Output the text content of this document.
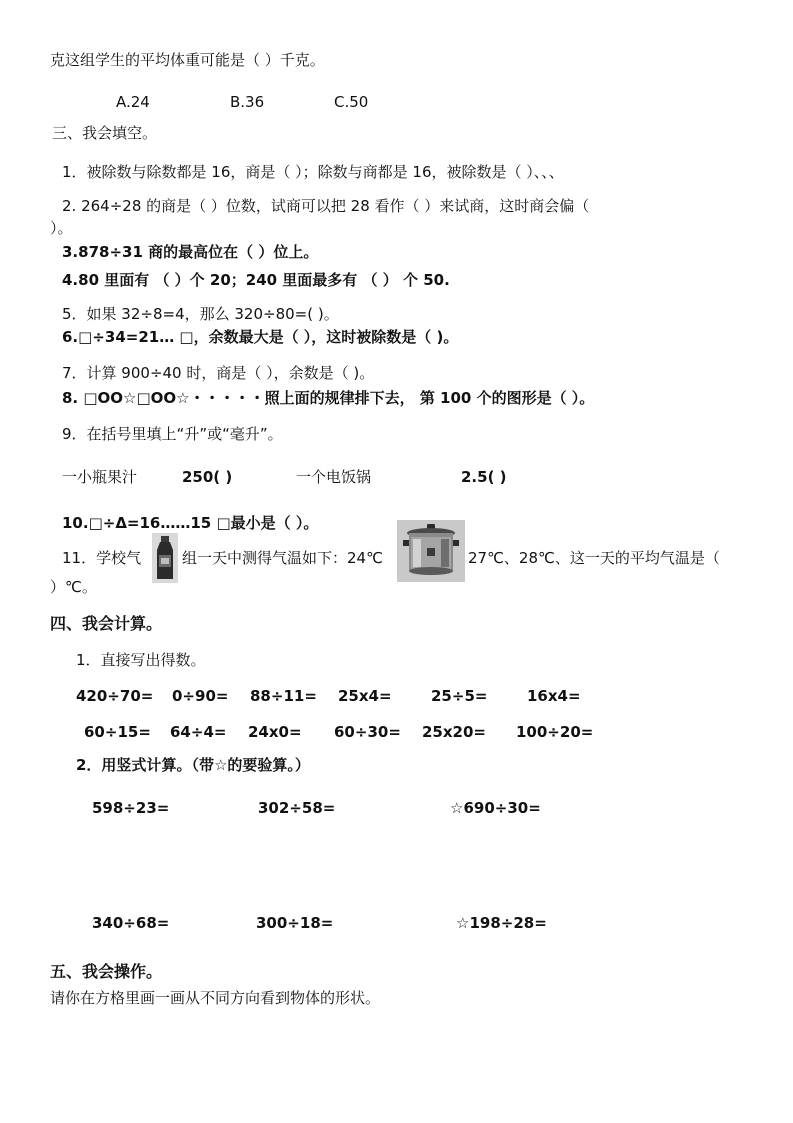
克这组学生的平均体重可能是（ ）千克。
A.24	B.36	C.50
三、我会填空。
1．被除数与除数都是 16，商是（ ）；除数与商都是 16，被除数是（ ）、、、
2. 264÷28 的商是（ ）位数，试商可以把 28 看作（ ）来试商，这时商会偏（
）。
3.878÷31 商的最高位在（ ）位上。
4.80 里面有 （ ）个 20；240 里面最多有 （ ） 个 50.
5．如果 32÷8=4，那么 320÷80=( )。
6.□÷34=21… □，余数最大是（ ），这时被除数是（ )。
7．计算 900÷40 时，商是（ ），余数是（ )。
8. □OO☆□OO☆・・・・・照上面的规律排下去， 第 100 个的图形是（ ）。
9．在括号里填上“升”或“毫升”。
一小瓶果汁	250( )	一个电饭锅	2.5( )
10.□÷Δ=16……15 □最小是（ ）。
11．学校气	组一天中测得气温如下：24℃	27℃、28℃、这一天的平均气温是（
）℃。
四、我会计算。
1．直接写出得数。
420÷70= 0÷90= 88÷11= 25x4=	25÷5=	16x4=
60÷15= 64÷4= 24x0= 60÷30= 25x20= 100÷20=
2．用竖式计算。（带☆的要验算。）
598÷23=	302÷58=	☆690÷30=
340÷68=	300÷18=	☆198÷28=
五、我会操作。
请你在方格里画一画从不同方向看到物体的形状。
